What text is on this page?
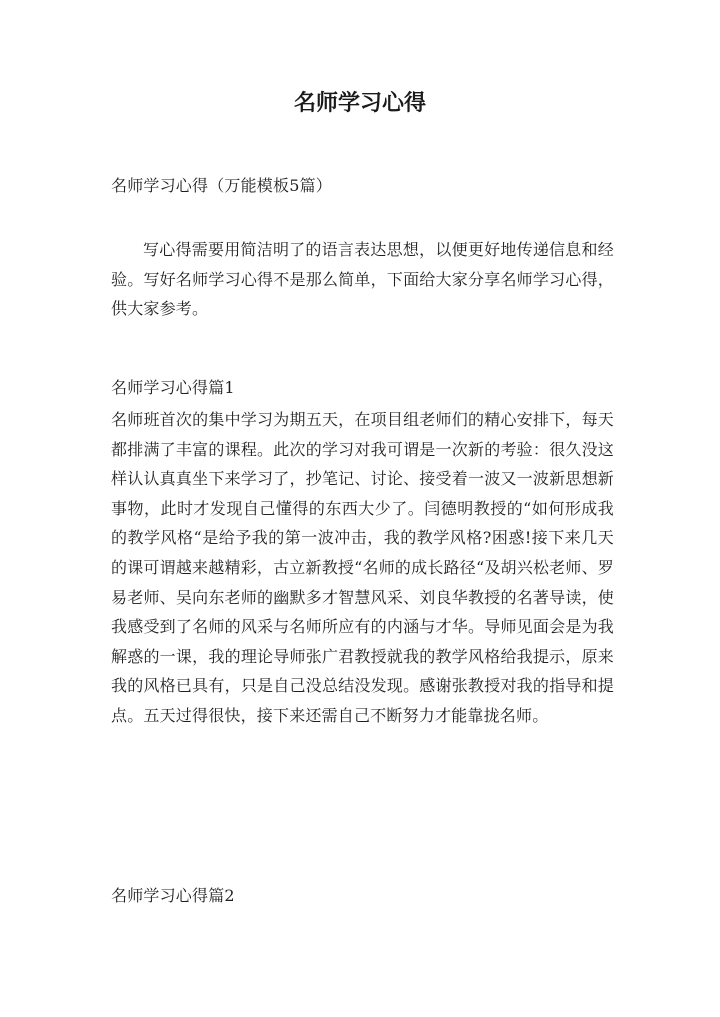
名师学习心得

名师学习心得（万能模板5篇）

写心得需要用简洁明了的语言表达思想，以便更好地传递信息和经验。写好名师学习心得不是那么简单，下面给大家分享名师学习心得，供大家参考。

名师学习心得篇1

名师班首次的集中学习为期五天，在项目组老师们的精心安排下，每天都排满了丰富的课程。此次的学习对我可谓是一次新的考验：很久没这样认认真真坐下来学习了，抄笔记、讨论、接受着一波又一波新思想新事物，此时才发现自己懂得的东西大少了。闫德明教授的“如何形成我的教学风格“是给予我的第一波冲击，我的教学风格?困惑!接下来几天的课可谓越来越精彩，古立新教授“名师的成长路径“及胡兴松老师、罗易老师、吴向东老师的幽默多才智慧风采、刘良华教授的名著导读，使我感受到了名师的风采与名师所应有的内涵与才华。导师见面会是为我解惑的一课，我的理论导师张广君教授就我的教学风格给我提示，原来我的风格已具有，只是自己没总结没发现。感谢张教授对我的指导和提点。五天过得很快，接下来还需自己不断努力才能靠拢名师。

名师学习心得篇2
